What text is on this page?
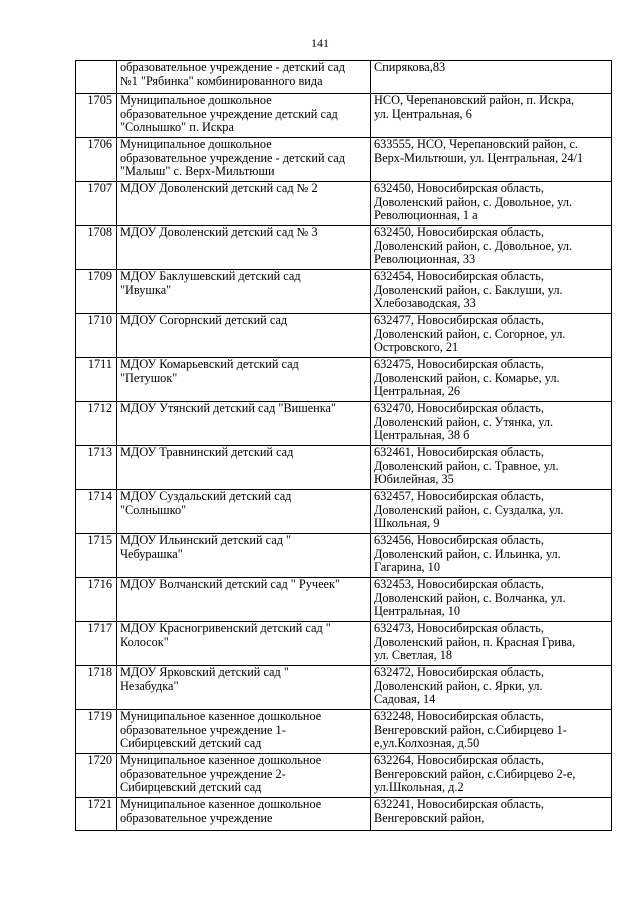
141

	образовательное учреждение - детский сад
№1 "Рябинка" комбинированного вида	Спирякова,83

1705	Муниципальное дошкольное
образовательное учреждение детский сад
"Солнышко" п. Искра	НСО, Черепановский район, п. Искра,
ул. Центральная, 6

1706	Муниципальное дошкольное
образовательное учреждение - детский сад
"Малыш" с. Верх-Мильтюши	633555, НСО, Черепановский район, с.
Верх-Мильтюши, ул. Центральная, 24/1

1707	МДОУ Доволенский детский сад № 2	632450, Новосибирская область,
Доволенский район, с. Довольное, ул.
Революционная, 1 а

1708	МДОУ Доволенский детский сад № 3	632450, Новосибирская область,
Доволенский район, с. Довольное, ул.
Революционная, 33

1709	МДОУ Баклушевский детский сад
"Ивушка"	632454, Новосибирская область,
Доволенский район, с. Баклуши, ул.
Хлебозаводская, 33

1710	МДОУ Согорнский детский сад	632477, Новосибирская область,
Доволенский район, с. Согорное, ул.
Островского, 21

1711	МДОУ Комарьевский детский сад
"Петушок"	632475, Новосибирская область,
Доволенский район, с. Комарье, ул.
Центральная, 26

1712	МДОУ Утянский детский сад "Вишенка"	632470, Новосибирская область,
Доволенский район, с. Утянка, ул.
Центральная, 38 б

1713	МДОУ Травнинский детский сад	632461, Новосибирская область,
Доволенский район, с. Травное, ул.
Юбилейная, 35

1714	МДОУ Суздальский детский сад
"Солнышко"	632457, Новосибирская область,
Доволенский район, с. Суздалка, ул.
Школьная, 9

1715	МДОУ Ильинский детский сад "
Чебурашка"	632456, Новосибирская область,
Доволенский район, с. Ильинка, ул.
Гагарина, 10

1716	МДОУ Волчанский детский сад " Ручеек"	632453, Новосибирская область,
Доволенский район, с. Волчанка, ул.
Центральная, 10

1717	МДОУ Красногривенский детский сад "
Колосок"	632473, Новосибирская область,
Доволенский район, п. Красная Грива,
ул. Светлая, 18

1718	МДОУ Ярковский детский сад "
Незабудка"	632472, Новосибирская область,
Доволенский район, с. Ярки, ул.
Садовая, 14

1719	Муниципальное казенное дошкольное
образовательное учреждение 1-
Сибирцевский детский сад	632248, Новосибирская область,
Венгеровский район, с.Сибирцево 1-
е,ул.Колхозная, д.50

1720	Муниципальное казенное дошкольное
образовательное учреждение 2-
Сибирцевский детский сад	632264, Новосибирская область,
Венгеровский район, с.Сибирцево 2-е,
ул.Школьная, д.2

1721	Муниципальное казенное дошкольное
образовательное учреждение	632241, Новосибирская область,
Венгеровский район,
